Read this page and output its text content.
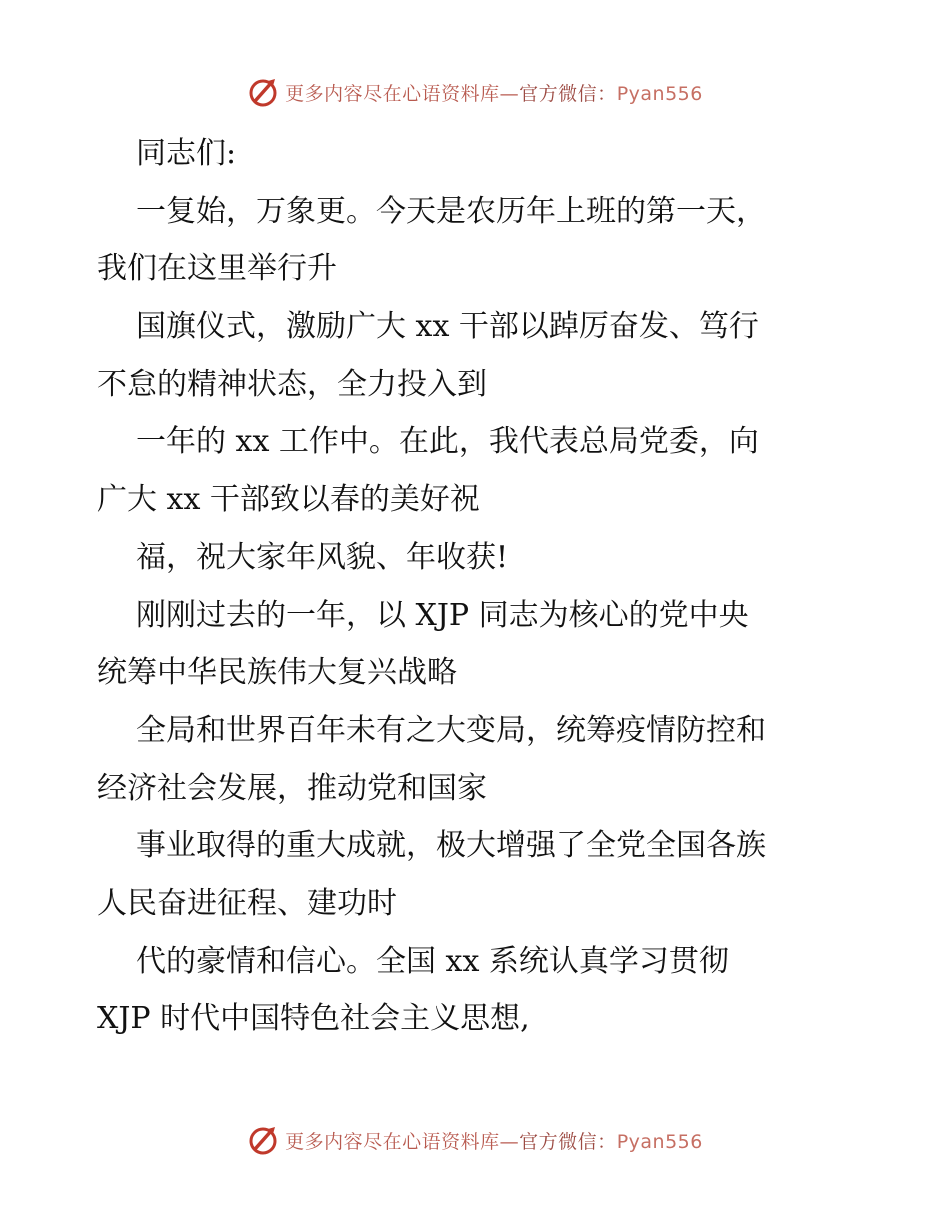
更多内容尽在心语资料库—官方微信：Pyan556
同志们:
一复始，万象更。今天是农历年上班的第一天，
我们在这里举行升
国旗仪式，激励广大 xx 干部以踔厉奋发、笃行
不怠的精神状态，全力投入到
一年的 xx 工作中。在此，我代表总局党委，向
广大 xx 干部致以春的美好祝
福，祝大家年风貌、年收获!
刚刚过去的一年，以 XJP 同志为核心的党中央
统筹中华民族伟大复兴战略
全局和世界百年未有之大变局，统筹疫情防控和
经济社会发展，推动党和国家
事业取得的重大成就，极大增强了全党全国各族
人民奋进征程、建功时
代的豪情和信心。全国 xx 系统认真学习贯彻
XJP 时代中国特色社会主义思想,
更多内容尽在心语资料库—官方微信：Pyan556
